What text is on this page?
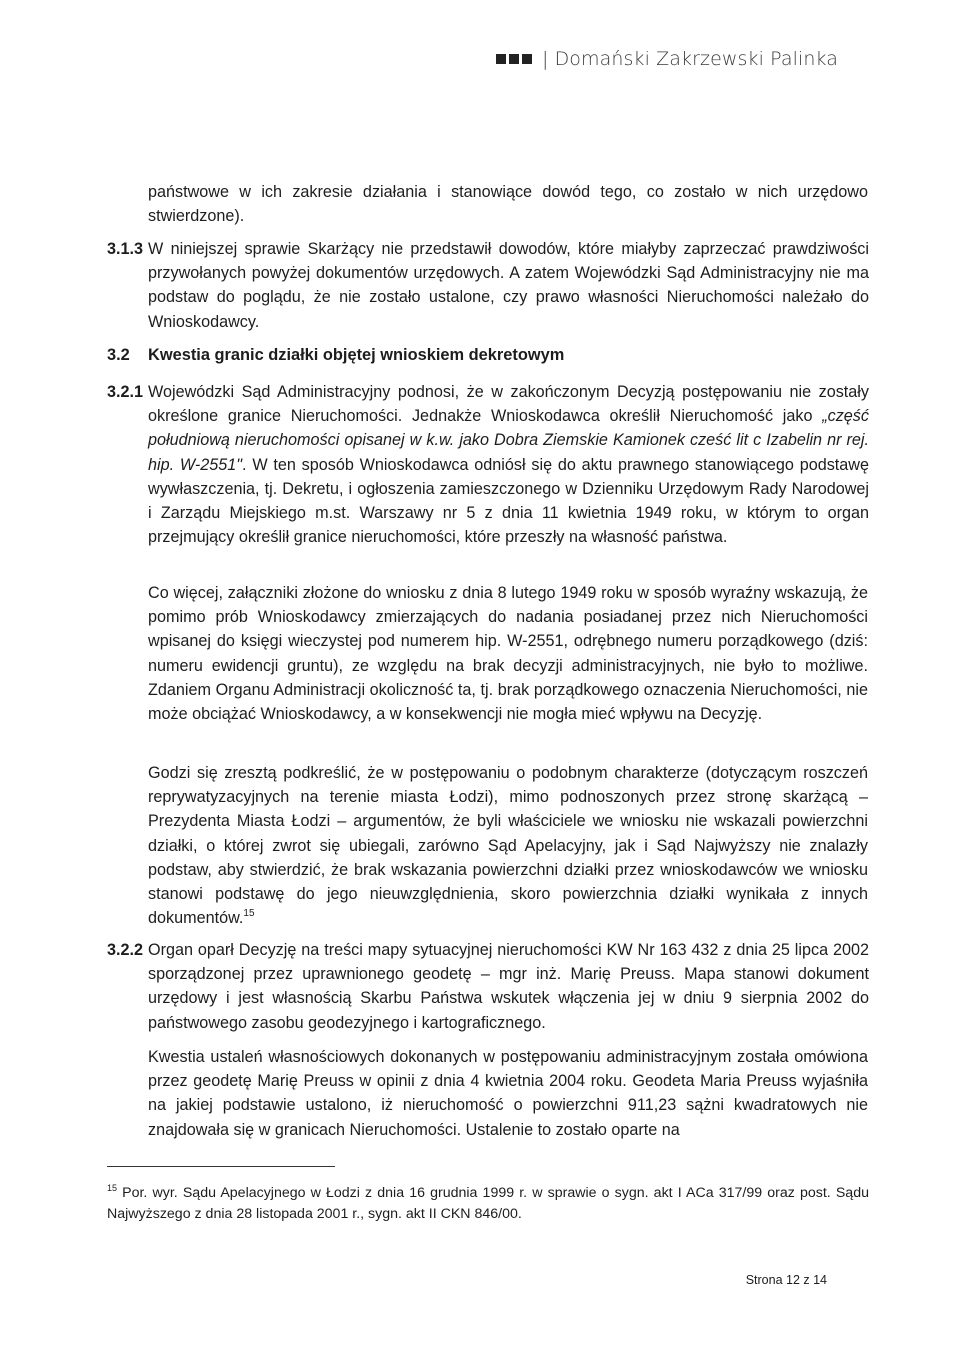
| Domański Zakrzewski Palinka
państwowe w ich zakresie działania i stanowiące dowód tego, co zostało w nich urzędowo stwierdzone).
3.1.3 W niniejszej sprawie Skarżący nie przedstawił dowodów, które miałyby zaprzeczać prawdziwości przywołanych powyżej dokumentów urzędowych. A zatem Wojewódzki Sąd Administracyjny nie ma podstaw do poglądu, że nie zostało ustalone, czy prawo własności Nieruchomości należało do Wnioskodawcy.
3.2 Kwestia granic działki objętej wnioskiem dekretowym
3.2.1 Wojewódzki Sąd Administracyjny podnosi, że w zakończonym Decyzją postępowaniu nie zostały określone granice Nieruchomości. Jednakże Wnioskodawca określił Nieruchomość jako „część południową nieruchomości opisanej w k.w. jako Dobra Ziemskie Kamionek cześć lit c Izabelin nr rej. hip. W-2551". W ten sposób Wnioskodawca odniósł się do aktu prawnego stanowiącego podstawę wywłaszczenia, tj. Dekretu, i ogłoszenia zamieszczonego w Dzienniku Urzędowym Rady Narodowej i Zarządu Miejskiego m.st. Warszawy nr 5 z dnia 11 kwietnia 1949 roku, w którym to organ przejmujący określił granice nieruchomości, które przeszły na własność państwa.
Co więcej, załączniki złożone do wniosku z dnia 8 lutego 1949 roku w sposób wyraźny wskazują, że pomimo prób Wnioskodawcy zmierzających do nadania posiadanej przez nich Nieruchomości wpisanej do księgi wieczystej pod numerem hip. W-2551, odrębnego numeru porządkowego (dziś: numeru ewidencji gruntu), ze względu na brak decyzji administracyjnych, nie było to możliwe. Zdaniem Organu Administracji okoliczność ta, tj. brak porządkowego oznaczenia Nieruchomości, nie może obciążać Wnioskodawcy, a w konsekwencji nie mogła mieć wpływu na Decyzję.
Godzi się zresztą podkreślić, że w postępowaniu o podobnym charakterze (dotyczącym roszczeń reprywatyzacyjnych na terenie miasta Łodzi), mimo podnoszonych przez stronę skarżącą – Prezydenta Miasta Łodzi – argumentów, że byli właściciele we wniosku nie wskazali powierzchni działki, o której zwrot się ubiegali, zarówno Sąd Apelacyjny, jak i Sąd Najwyższy nie znalazły podstaw, aby stwierdzić, że brak wskazania powierzchni działki przez wnioskodawców we wniosku stanowi podstawę do jego nieuwzględnienia, skoro powierzchnia działki wynikała z innych dokumentów.$^{15}$
3.2.2 Organ oparł Decyzję na treści mapy sytuacyjnej nieruchomości KW Nr 163 432 z dnia 25 lipca 2002 sporządzonej przez uprawnionego geodetę – mgr inż. Marię Preuss. Mapa stanowi dokument urzędowy i jest własnością Skarbu Państwa wskutek włączenia jej w dniu 9 sierpnia 2002 do państwowego zasobu geodezyjnego i kartograficznego.
Kwestia ustaleń własnościowych dokonanych w postępowaniu administracyjnym została omówiona przez geodetę Marię Preuss w opinii z dnia 4 kwietnia 2004 roku. Geodeta Maria Preuss wyjaśniła na jakiej podstawie ustalono, iż nieruchomość o powierzchni 911,23 sążni kwadratowych nie znajdowała się w granicach Nieruchomości. Ustalenie to zostało oparte na
$^{15}$ Por. wyr. Sądu Apelacyjnego w Łodzi z dnia 16 grudnia 1999 r. w sprawie o sygn. akt I ACa 317/99 oraz post. Sądu Najwyższego z dnia 28 listopada 2001 r., sygn. akt II CKN 846/00.
Strona 12 z 14
